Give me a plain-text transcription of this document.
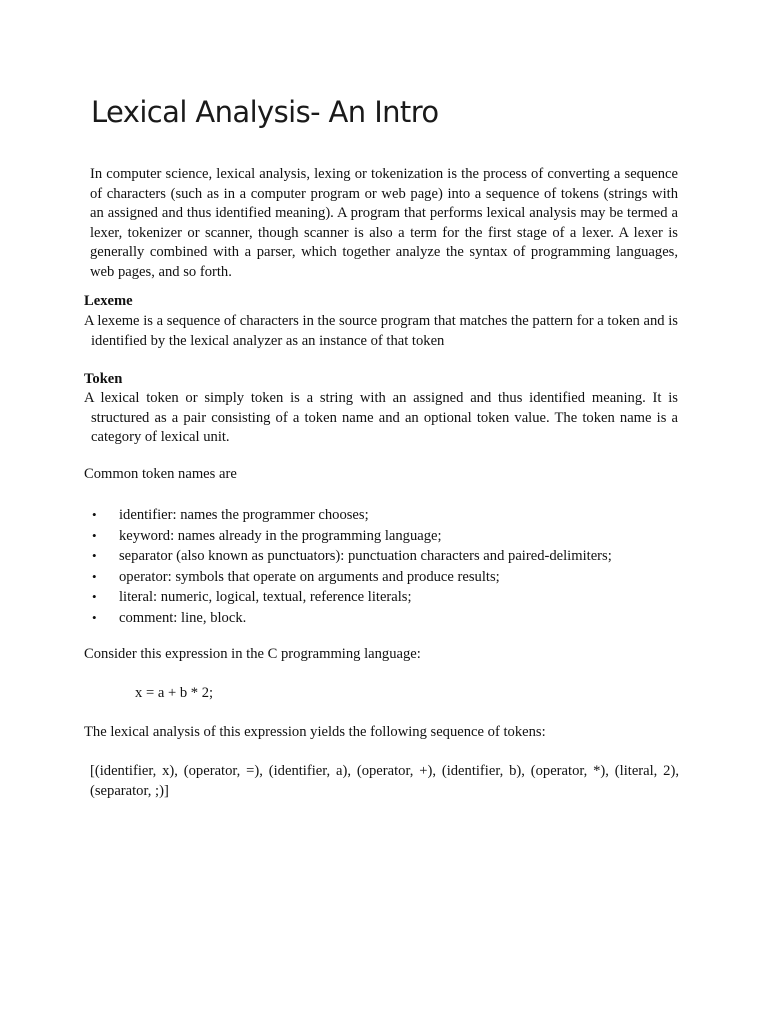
Lexical Analysis- An Intro

In computer science, lexical analysis, lexing or tokenization is the process of converting a sequence of characters (such as in a computer program or web page) into a sequence of tokens (strings with an assigned and thus identified meaning). A program that performs lexical analysis may be termed a lexer, tokenizer or scanner, though scanner is also a term for the first stage of a lexer. A lexer is generally combined with a parser, which together analyze the syntax of programming languages, web pages, and so forth.

Lexeme

A lexeme is a sequence of characters in the source program that matches the pattern for a token and is identified by the lexical analyzer as an instance of that token

Token

A lexical token or simply token is a string with an assigned and thus identified meaning. It is structured as a pair consisting of a token name and an optional token value. The token name is a category of lexical unit.

Common token names are

• identifier: names the programmer chooses;
• keyword: names already in the programming language;
• separator (also known as punctuators): punctuation characters and paired-delimiters;
• operator: symbols that operate on arguments and produce results;
• literal: numeric, logical, textual, reference literals;
• comment: line, block.

Consider this expression in the C programming language:

x = a + b * 2;

The lexical analysis of this expression yields the following sequence of tokens:

[(identifier, x), (operator, =), (identifier, a), (operator, +), (identifier, b), (operator, *), (literal, 2), (separator, ;)]
